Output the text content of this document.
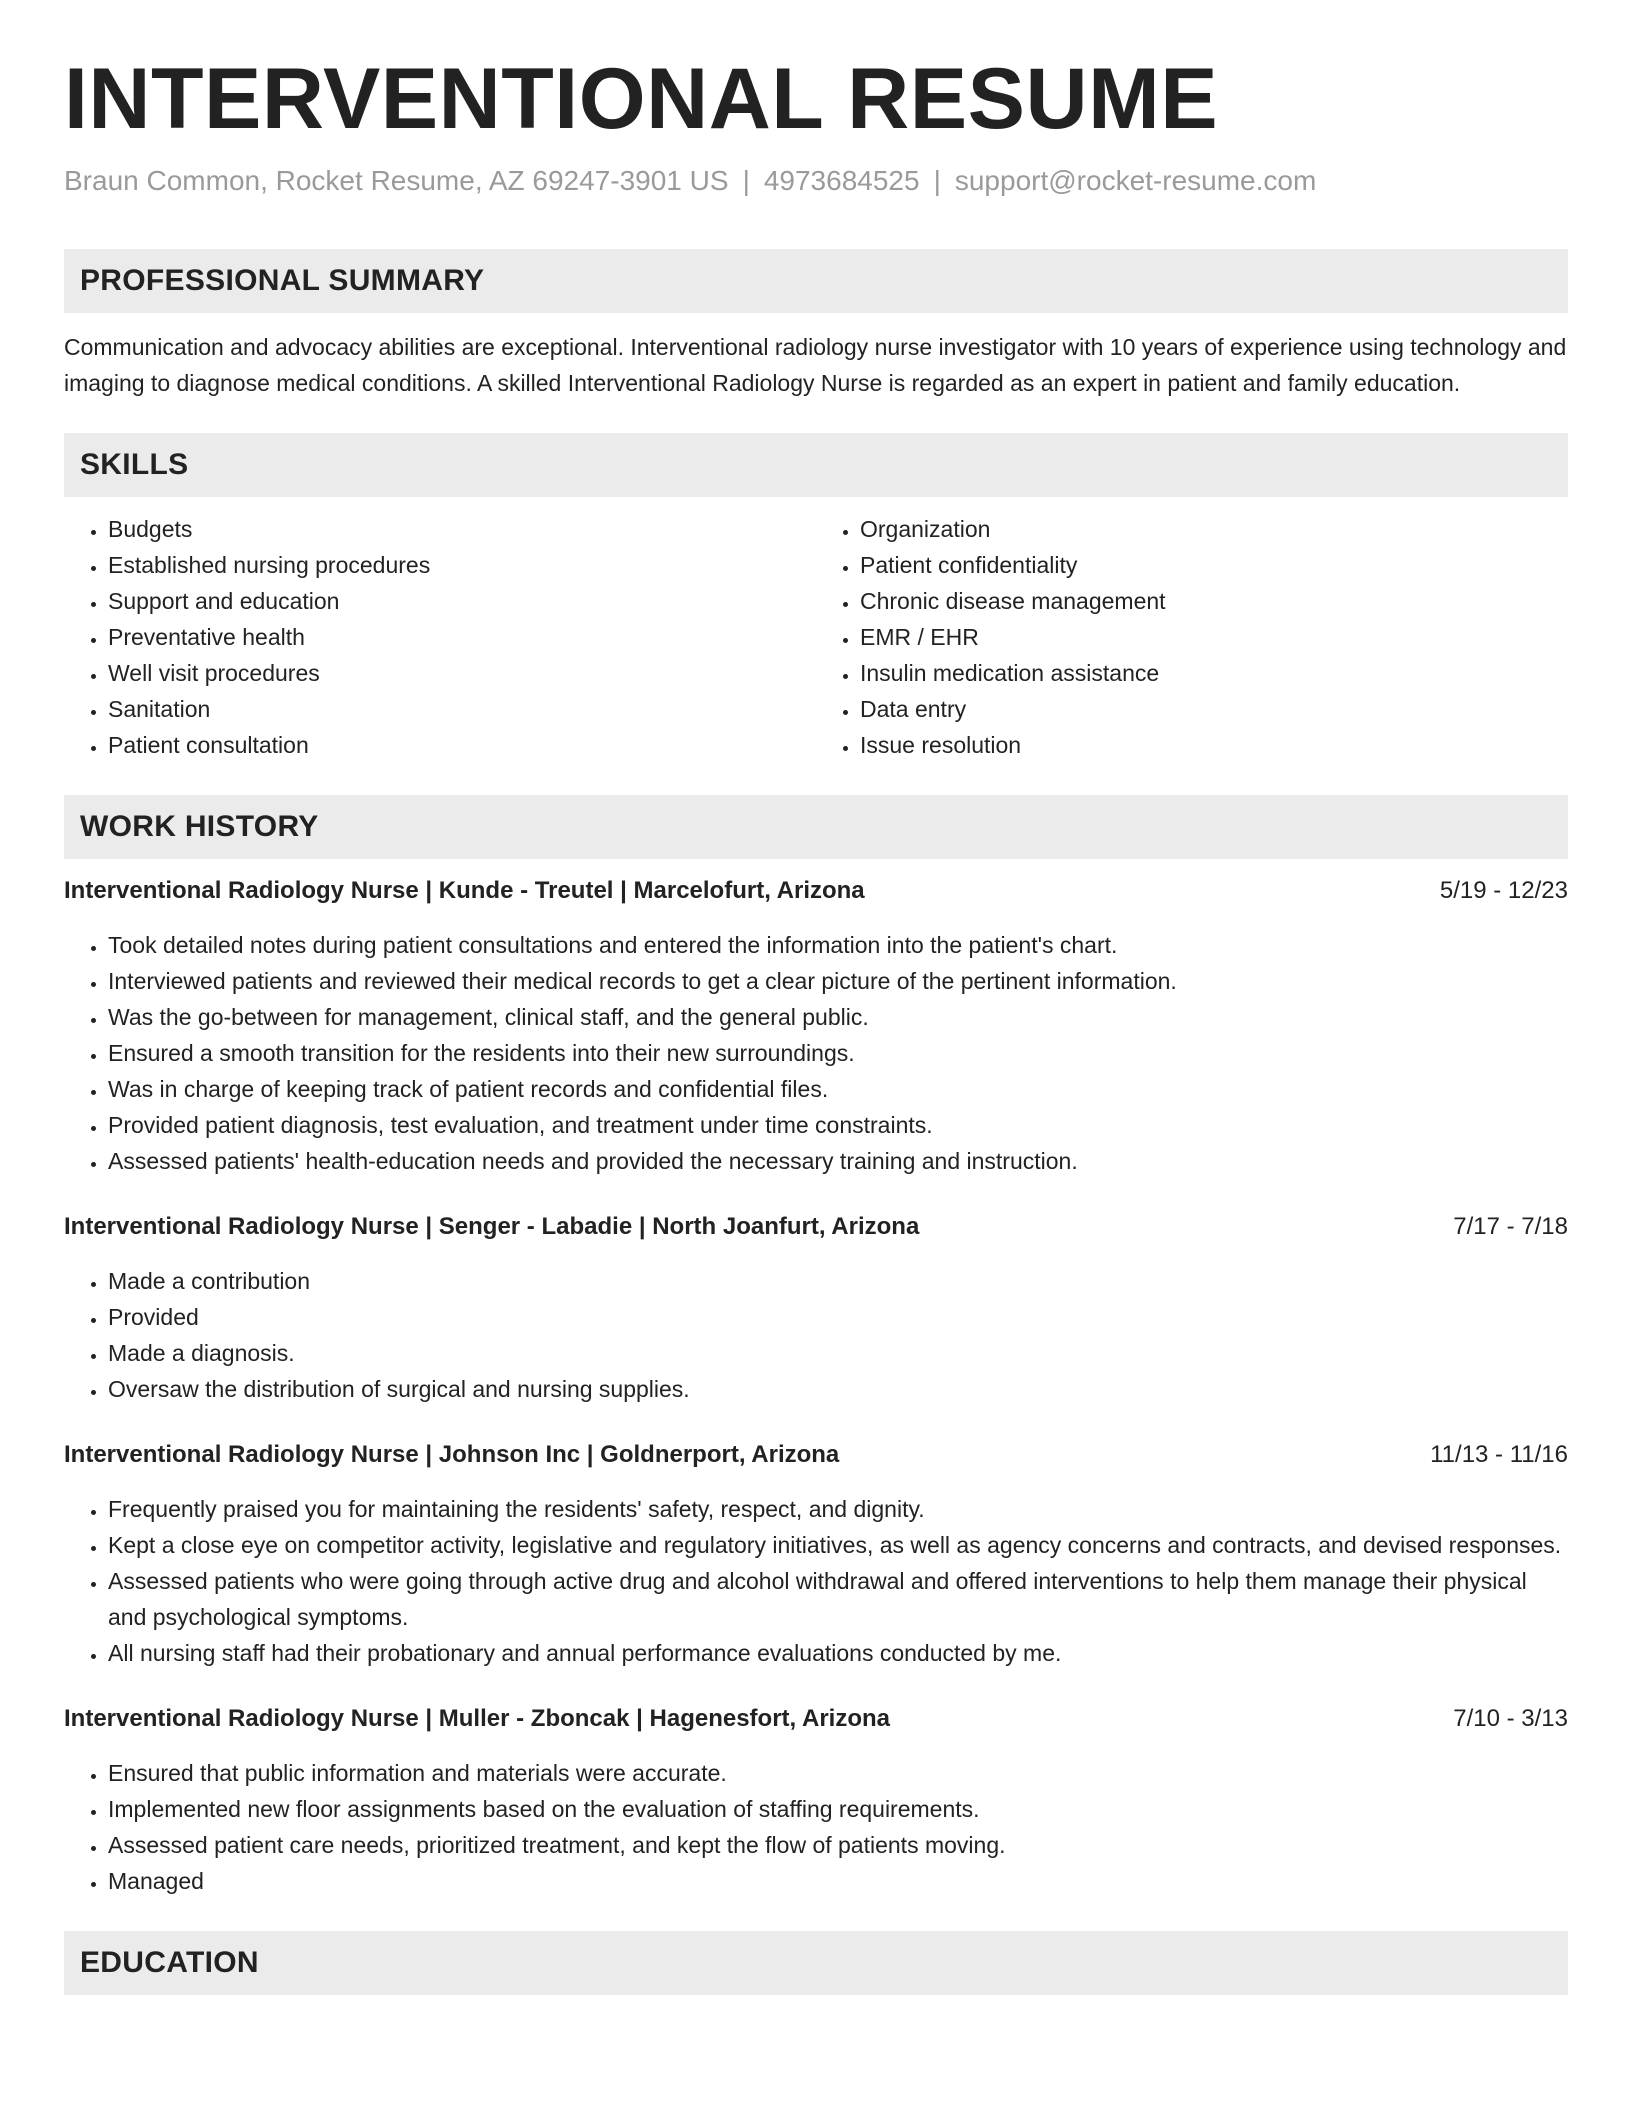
INTERVENTIONAL RESUME
Braun Common, Rocket Resume, AZ 69247-3901 US | 4973684525 | support@rocket-resume.com
PROFESSIONAL SUMMARY

Communication and advocacy abilities are exceptional. Interventional radiology nurse investigator with 10 years of experience using technology and imaging to diagnose medical conditions. A skilled Interventional Radiology Nurse is regarded as an expert in patient and family education.

SKILLS
• Budgets
• Established nursing procedures
• Support and education
• Preventative health
• Well visit procedures
• Sanitation
• Patient consultation
• Organization
• Patient confidentiality
• Chronic disease management
• EMR / EHR
• Insulin medication assistance
• Data entry
• Issue resolution
WORK HISTORY
Interventional Radiology Nurse | Kunde - Treutel | Marcelofurt, Arizona	5/19 - 12/23
• Took detailed notes during patient consultations and entered the information into the patient's chart.
• Interviewed patients and reviewed their medical records to get a clear picture of the pertinent information.
• Was the go-between for management, clinical staff, and the general public.
• Ensured a smooth transition for the residents into their new surroundings.
• Was in charge of keeping track of patient records and confidential files.
• Provided patient diagnosis, test evaluation, and treatment under time constraints.
• Assessed patients' health-education needs and provided the necessary training and instruction.
Interventional Radiology Nurse | Senger - Labadie | North Joanfurt, Arizona	7/17 - 7/18
• Made a contribution
• Provided
• Made a diagnosis.
• Oversaw the distribution of surgical and nursing supplies.
Interventional Radiology Nurse | Johnson Inc | Goldnerport, Arizona	11/13 - 11/16
• Frequently praised you for maintaining the residents' safety, respect, and dignity.
• Kept a close eye on competitor activity, legislative and regulatory initiatives, as well as agency concerns and contracts, and devised responses.
• Assessed patients who were going through active drug and alcohol withdrawal and offered interventions to help them manage their physical and psychological symptoms.
• All nursing staff had their probationary and annual performance evaluations conducted by me.
Interventional Radiology Nurse | Muller - Zboncak | Hagenesfort, Arizona	7/10 - 3/13
• Ensured that public information and materials were accurate.
• Implemented new floor assignments based on the evaluation of staffing requirements.
• Assessed patient care needs, prioritized treatment, and kept the flow of patients moving.
• Managed
EDUCATION
